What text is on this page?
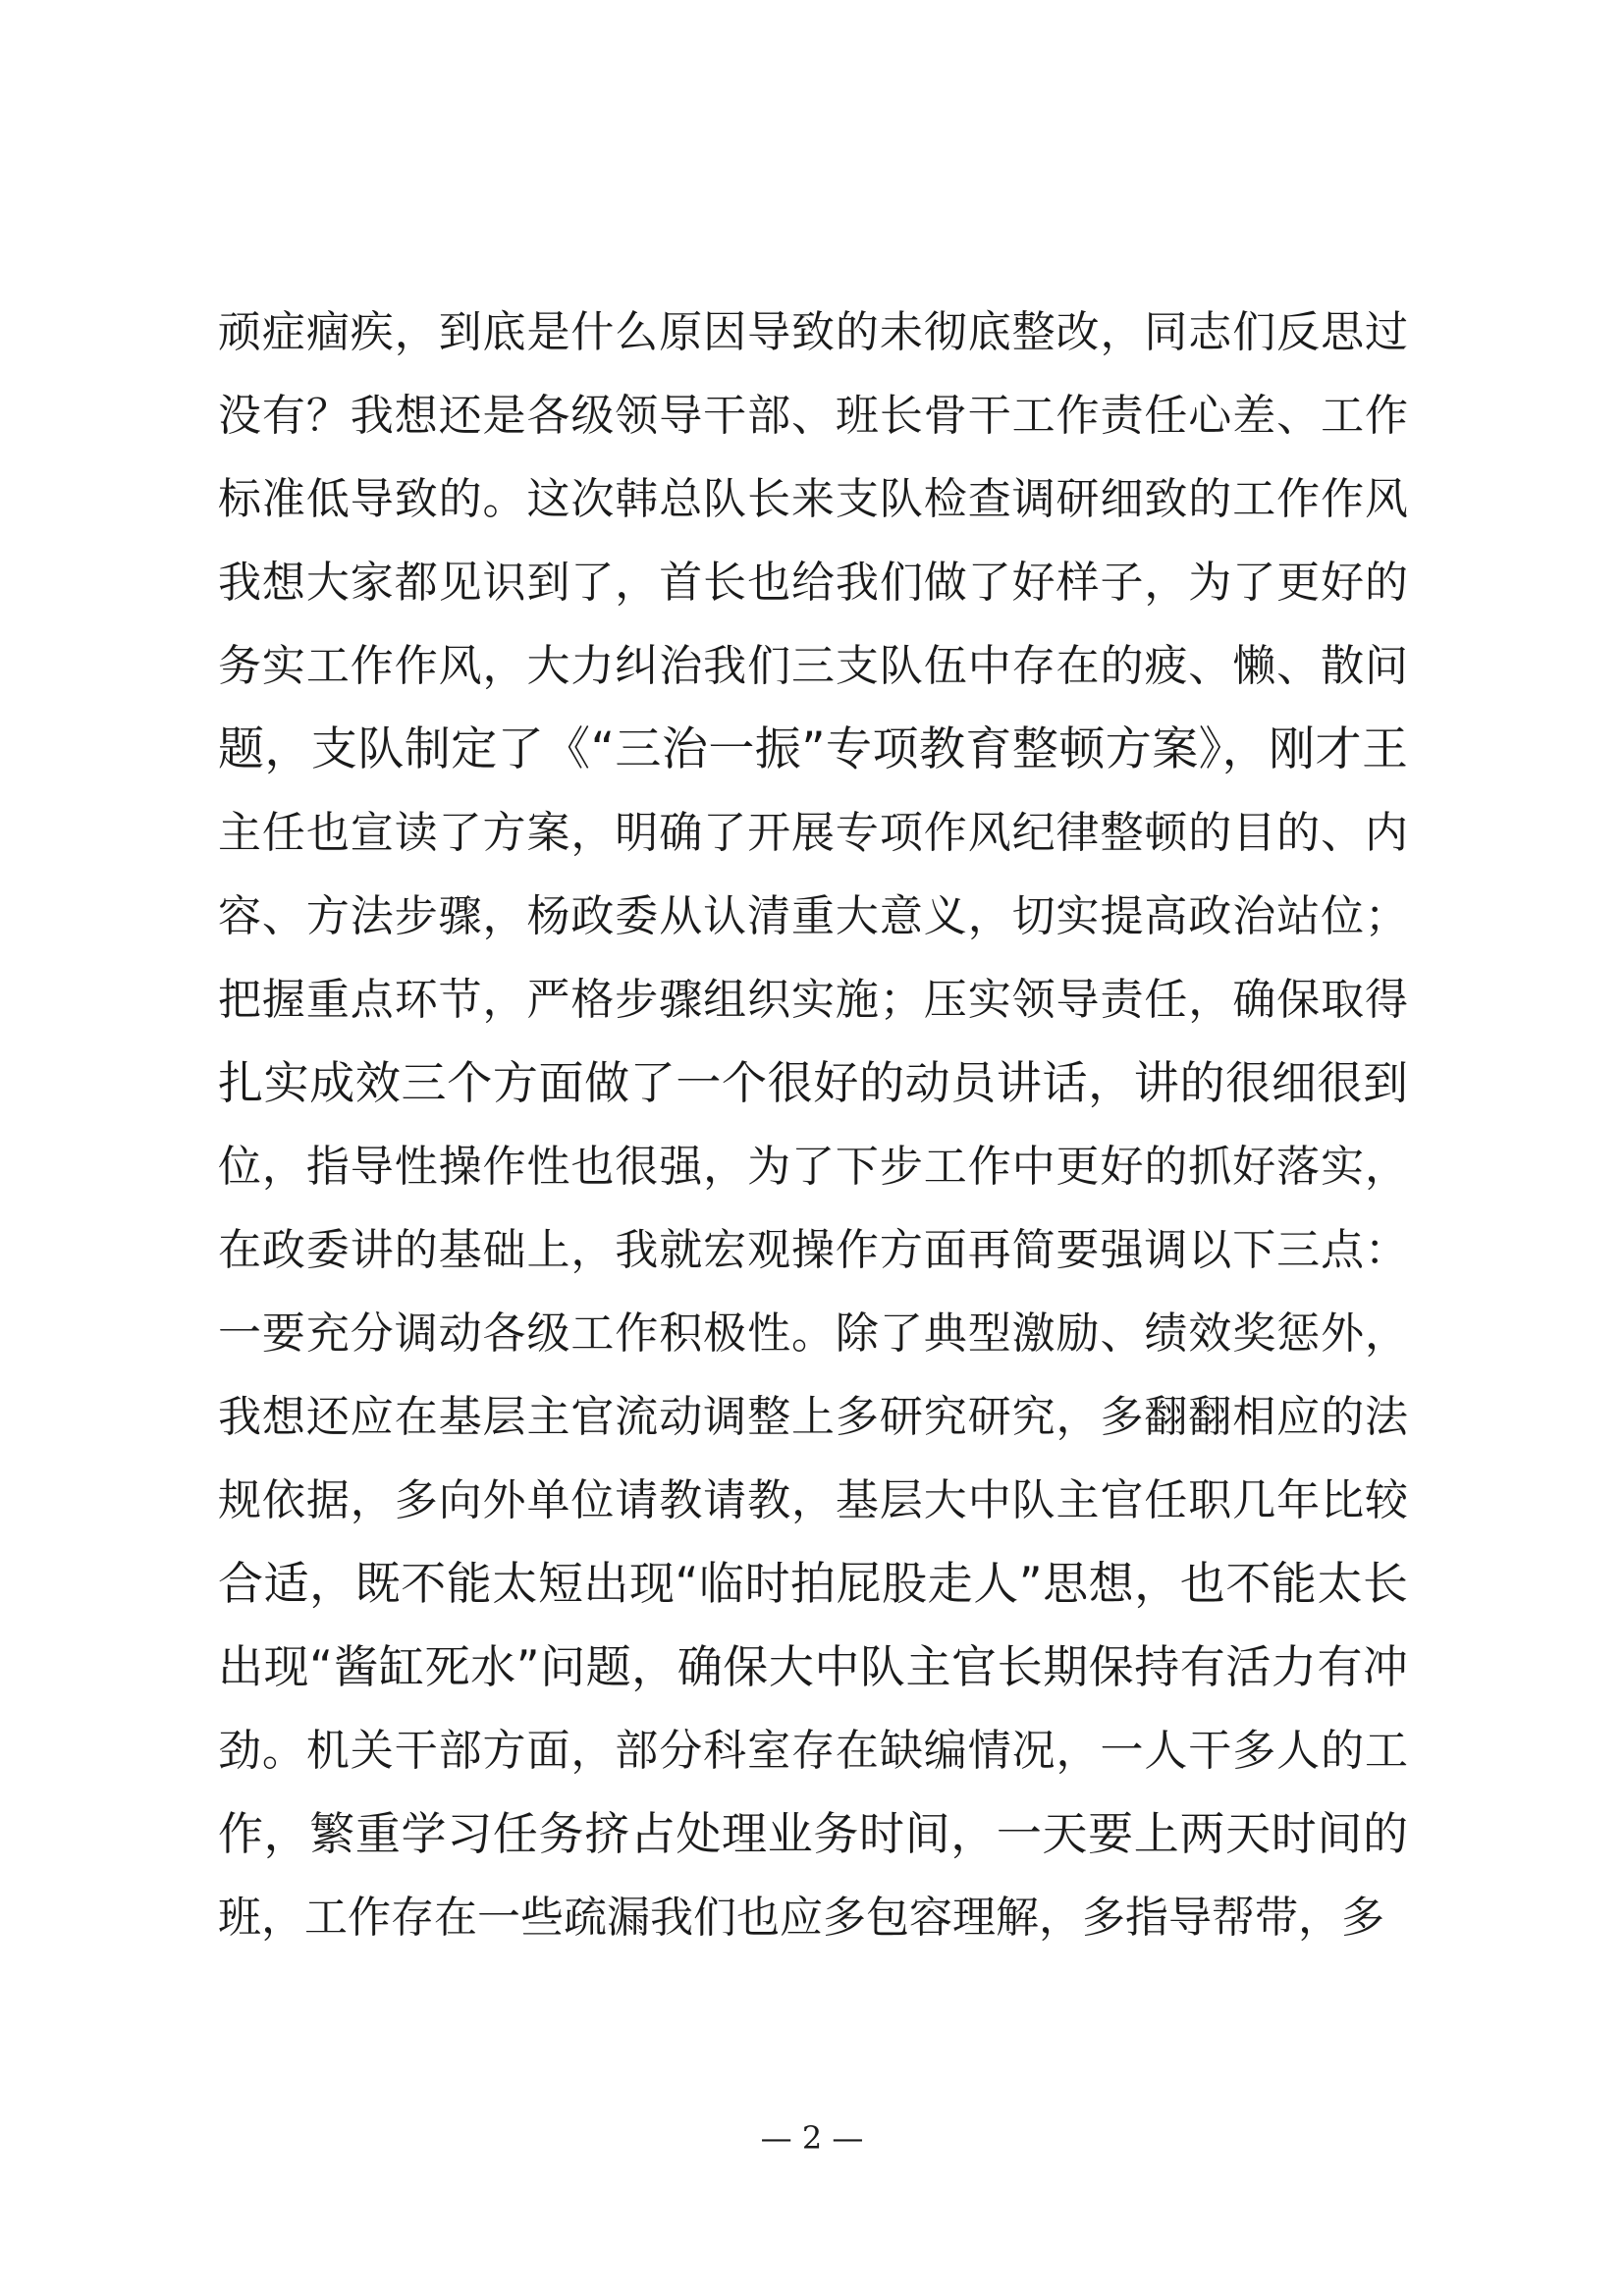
顽症痼疾，到底是什么原因导致的未彻底整改，同志们反思过
没有？我想还是各级领导干部、班长骨干工作责任心差、工作
标准低导致的。这次韩总队长来支队检查调研细致的工作作风
我想大家都见识到了，首长也给我们做了好样子，为了更好的
务实工作作风，大力纠治我们三支队伍中存在的疲、懒、散问
题，支队制定了《“三治一振”专项教育整顿方案》，刚才王
主任也宣读了方案，明确了开展专项作风纪律整顿的目的、内
容、方法步骤，杨政委从认清重大意义，切实提高政治站位；
把握重点环节，严格步骤组织实施；压实领导责任，确保取得
扎实成效三个方面做了一个很好的动员讲话，讲的很细很到
位，指导性操作性也很强，为了下步工作中更好的抓好落实，
在政委讲的基础上，我就宏观操作方面再简要强调以下三点：
一要充分调动各级工作积极性。除了典型激励、绩效奖惩外，
我想还应在基层主官流动调整上多研究研究，多翻翻相应的法
规依据，多向外单位请教请教，基层大中队主官任职几年比较
合适，既不能太短出现“临时拍屁股走人”思想，也不能太长
出现“酱缸死水”问题，确保大中队主官长期保持有活力有冲
劲。机关干部方面，部分科室存在缺编情况，一人干多人的工
作，繁重学习任务挤占处理业务时间，一天要上两天时间的
班，工作存在一些疏漏我们也应多包容理解，多指导帮带，多
— 2 —
